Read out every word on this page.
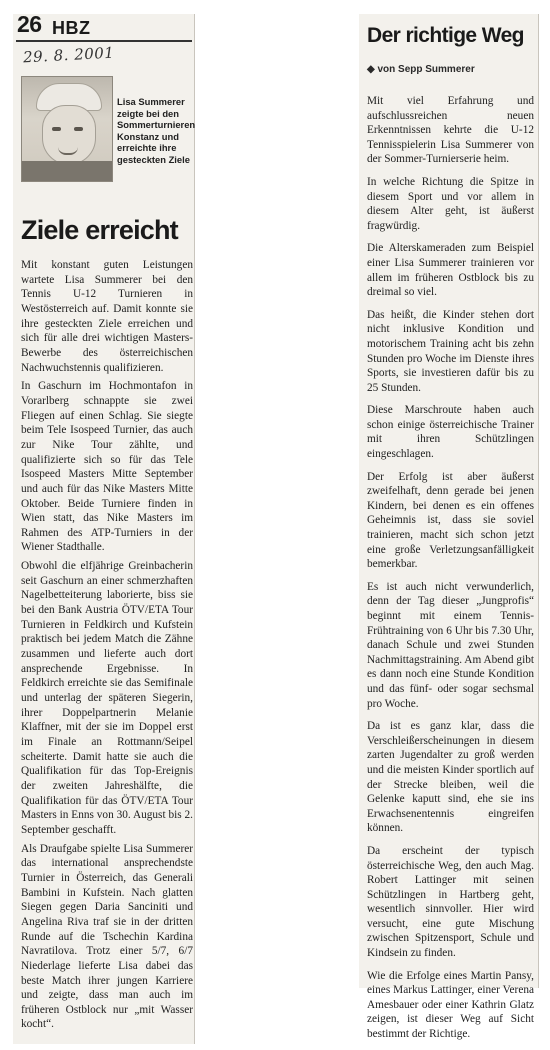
26 HBZ
29. 8. 2001
Lisa Summerer zeigte bei den Sommerturnieren Konstanz und erreichte ihre gesteckten Ziele
Ziele erreicht

Mit konstant guten Leistungen wartete Lisa Summerer bei den Tennis U-12 Turnieren in Westösterreich auf. Damit konnte sie ihre gesteckten Ziele erreichen und sich für alle drei wichtigen Masters-Bewerbe des österreichischen Nachwuchstennis qualifizieren.

In Gaschurn im Hochmontafon in Vorarlberg schnappte sie zwei Fliegen auf einen Schlag. Sie siegte beim Tele Isospeed Turnier, das auch zur Nike Tour zählte, und qualifizierte sich so für das Tele Isospeed Masters Mitte September und auch für das Nike Masters Mitte Oktober. Beide Turniere finden in Wien statt, das Nike Masters im Rahmen des ATP-Turniers in der Wiener Stadthalle.

Obwohl die elfjährige Greinbacherin seit Gaschurn an einer schmerzhaften Nagelbetteiterung laborierte, biss sie bei den Bank Austria ÖTV/ETA Tour Turnieren in Feldkirch und Kufstein praktisch bei jedem Match die Zähne zusammen und lieferte auch dort ansprechende Ergebnisse. In Feldkirch erreichte sie das Semifinale und unterlag der späteren Siegerin, ihrer Doppelpartnerin Melanie Klaffner, mit der sie im Doppel erst im Finale an Rottmann/Seipel scheiterte. Damit hatte sie auch die Qualifikation für das Top-Ereignis der zweiten Jahreshälfte, die Qualifikation für das ÖTV/ETA Tour Masters in Enns von 30. August bis 2. September geschafft.

Als Draufgabe spielte Lisa Summerer das international ansprechendste Turnier in Österreich, das Generali Bambini in Kufstein. Nach glatten Siegen gegen Daria Sanciniti und Angelina Riva traf sie in der dritten Runde auf die Tschechin Kardina Navratilova. Trotz einer 5/7, 6/7 Niederlage lieferte Lisa dabei das beste Match ihrer jungen Karriere und zeigte, dass man auch im früheren Ostblock nur „mit Wasser kocht“.

Der richtige Weg
◆ von Sepp Summerer

Mit viel Erfahrung und aufschlussreichen neuen Erkenntnissen kehrte die U-12 Tennisspielerin Lisa Summerer von der Sommer-Turnierserie heim.

In welche Richtung die Spitze in diesem Sport und vor allem in diesem Alter geht, ist äußerst fragwürdig.

Die Alterskameraden zum Beispiel einer Lisa Summerer trainieren vor allem im früheren Ostblock bis zu dreimal so viel.

Das heißt, die Kinder stehen dort nicht inklusive Kondition und motorischem Training acht bis zehn Stunden pro Woche im Dienste ihres Sports, sie investieren dafür bis zu 25 Stunden.

Diese Marschroute haben auch schon einige österreichische Trainer mit ihren Schützlingen eingeschlagen.

Der Erfolg ist aber äußerst zweifelhaft, denn gerade bei jenen Kindern, bei denen es ein offenes Geheimnis ist, dass sie soviel trainieren, macht sich schon jetzt eine große Verletzungsanfälligkeit bemerkbar.

Es ist auch nicht verwunderlich, denn der Tag dieser „Jungprofis“ beginnt mit einem Tennis-Frühtraining von 6 Uhr bis 7.30 Uhr, danach Schule und zwei Stunden Nachmittagstraining. Am Abend gibt es dann noch eine Stunde Kondition und das fünf- oder sogar sechsmal pro Woche.

Da ist es ganz klar, dass die Verschleißerscheinungen in diesem zarten Jugendalter zu groß werden und die meisten Kinder sportlich auf der Strecke bleiben, weil die Gelenke kaputt sind, ehe sie ins Erwachsenentennis eingreifen können.

Da erscheint der typisch österreichische Weg, den auch Mag. Robert Lattinger mit seinen Schützlingen in Hartberg geht, wesentlich sinnvoller. Hier wird versucht, eine gute Mischung zwischen Spitzensport, Schule und Kindsein zu finden.

Wie die Erfolge eines Martin Pansy, eines Markus Lattinger, einer Verena Amesbauer oder einer Kathrin Glatz zeigen, ist dieser Weg auf Sicht bestimmt der Richtige.
